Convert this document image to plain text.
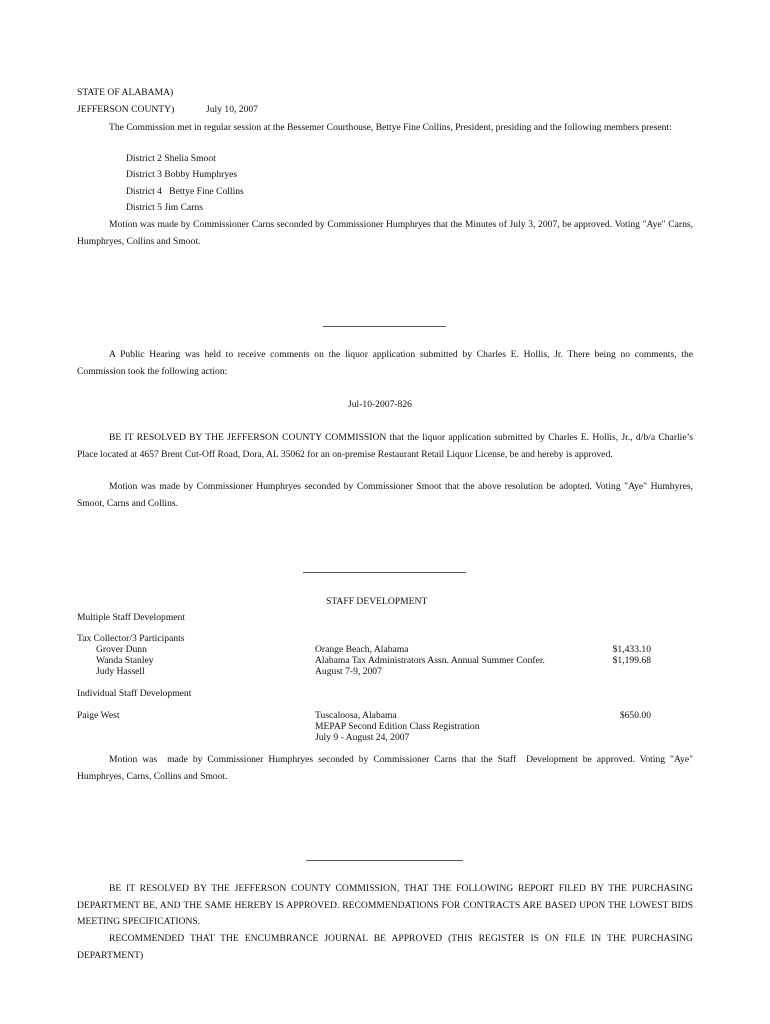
STATE OF ALABAMA)
JEFFERSON COUNTY)	July 10, 2007
The Commission met in regular session at the Bessemer Courthouse, Bettye Fine Collins, President, presiding and the following members present:
District 2 Shelia Smoot
District 3 Bobby Humphryes
District 4   Bettye Fine Collins
District 5 Jim Carns
Motion was made by Commissioner Carns seconded by Commissioner Humphryes that the Minutes of July 3, 2007, be approved. Voting "Aye" Carns, Humphryes, Collins and Smoot.
A Public Hearing was held to receive comments on the liquor application submitted by Charles E. Hollis, Jr. There being no comments, the Commission took the following action:
Jul-10-2007-826
BE IT RESOLVED BY THE JEFFERSON COUNTY COMMISSION that the liquor application submitted by Charles E. Hollis, Jr., d/b/a Charlie’s Place located at 4657 Brent Cut-Off Road, Dora, AL 35062 for an on-premise Restaurant Retail Liquor License, be and hereby is approved.
Motion was made by Commissioner Humphryes seconded by Commissioner Smoot that the above resolution be adopted. Voting "Aye" Humhyres, Smoot, Carns and Collins.
STAFF DEVELOPMENT
Multiple Staff Development
Tax Collector/3 Participants
Grover Dunn
Wanda Stanley
Judy Hassell
Orange Beach, Alabama
Alabama Tax Administrators Assn. Annual Summer Confer.
August 7-9, 2007
$1,433.10
$1,199.68
Individual Staff Development
Paige West	Tuscaloosa, Alabama
MEPAP Second Edition Class Registration
July 9 - August 24, 2007
$650.00
Motion was  made by Commissioner Humphryes seconded by Commissioner Carns that the Staff  Development be approved. Voting "Aye" Humphryes, Carns, Collins and Smoot.
BE IT RESOLVED BY THE JEFFERSON COUNTY COMMISSION, THAT THE FOLLOWING REPORT FILED BY THE PURCHASING DEPARTMENT BE, AND THE SAME HEREBY IS APPROVED. RECOMMENDATIONS FOR CONTRACTS ARE BASED UPON THE LOWEST BIDS MEETING SPECIFICATIONS.
RECOMMENDED THAT THE ENCUMBRANCE JOURNAL BE APPROVED (THIS REGISTER IS ON FILE IN THE PURCHASING DEPARTMENT)
